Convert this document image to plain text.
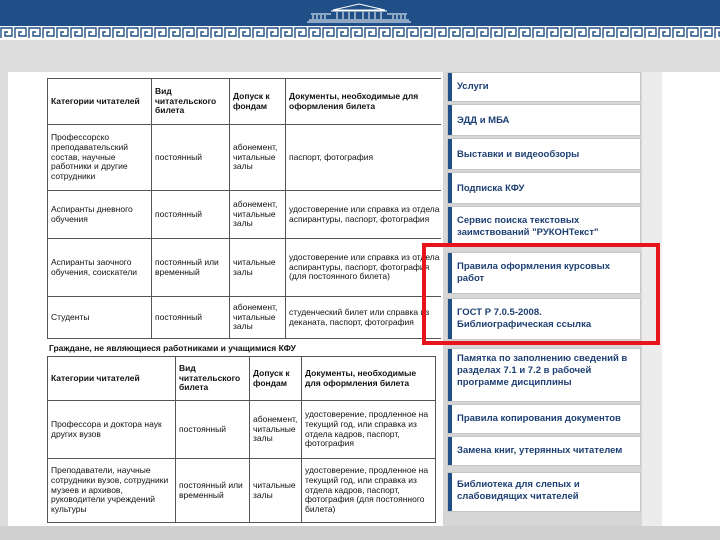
Категории читателей	Вид читательского билета	Допуск к фондам	Документы, необходимые для оформления билета
Профессорско преподавательский состав, научные работники и другие сотрудники	постоянный	абонемент, читальные залы	паспорт, фотография
Аспиранты дневного обучения	постоянный	абонемент, читальные залы	удостоверение или справка из отдела аспирантуры, паспорт, фотография
Аспиранты заочного обучения, соискатели	постоянный или временный	читальные залы	удостоверение или справка из отдела аспирантуры, паспорт, фотография (для постоянного билета)
Студенты	постоянный	абонемент, читальные залы	студенческий билет или справка из деканата, паспорт, фотография
Категории читателей	Вид читательского билета	Допуск к фондам	Документы, необходимые для оформления билета
Профессора и доктора наук других вузов	постоянный	абонемент, читальные залы	удостоверение, продленное на текущий год, или справка из отдела кадров, паспорт, фотография
Преподаватели, научные сотрудники вузов, сотрудники музеев и архивов, руководители учреждений культуры	постоянный или временный	читальные залы	удостоверение, продленное на текущий год, или справка из отдела кадров, паспорт, фотография (для постоянного билета)
Граждане, не являющиеся работниками и учащимися КФУ
Услуги
ЭДД и МБА
Выставки и видеообзоры
Подписка КФУ
Сервис поиска текстовых заимствований "РУКОНТекст"
Правила оформления курсовых работ
ГОСТ Р 7.0.5-2008. Библиографическая ссылка
Памятка по заполнению сведений в разделах 7.1 и 7.2 в рабочей программе дисциплины
Правила копирования документов
Замена книг, утерянных читателем
Библиотека для слепых и слабовидящих читателей
